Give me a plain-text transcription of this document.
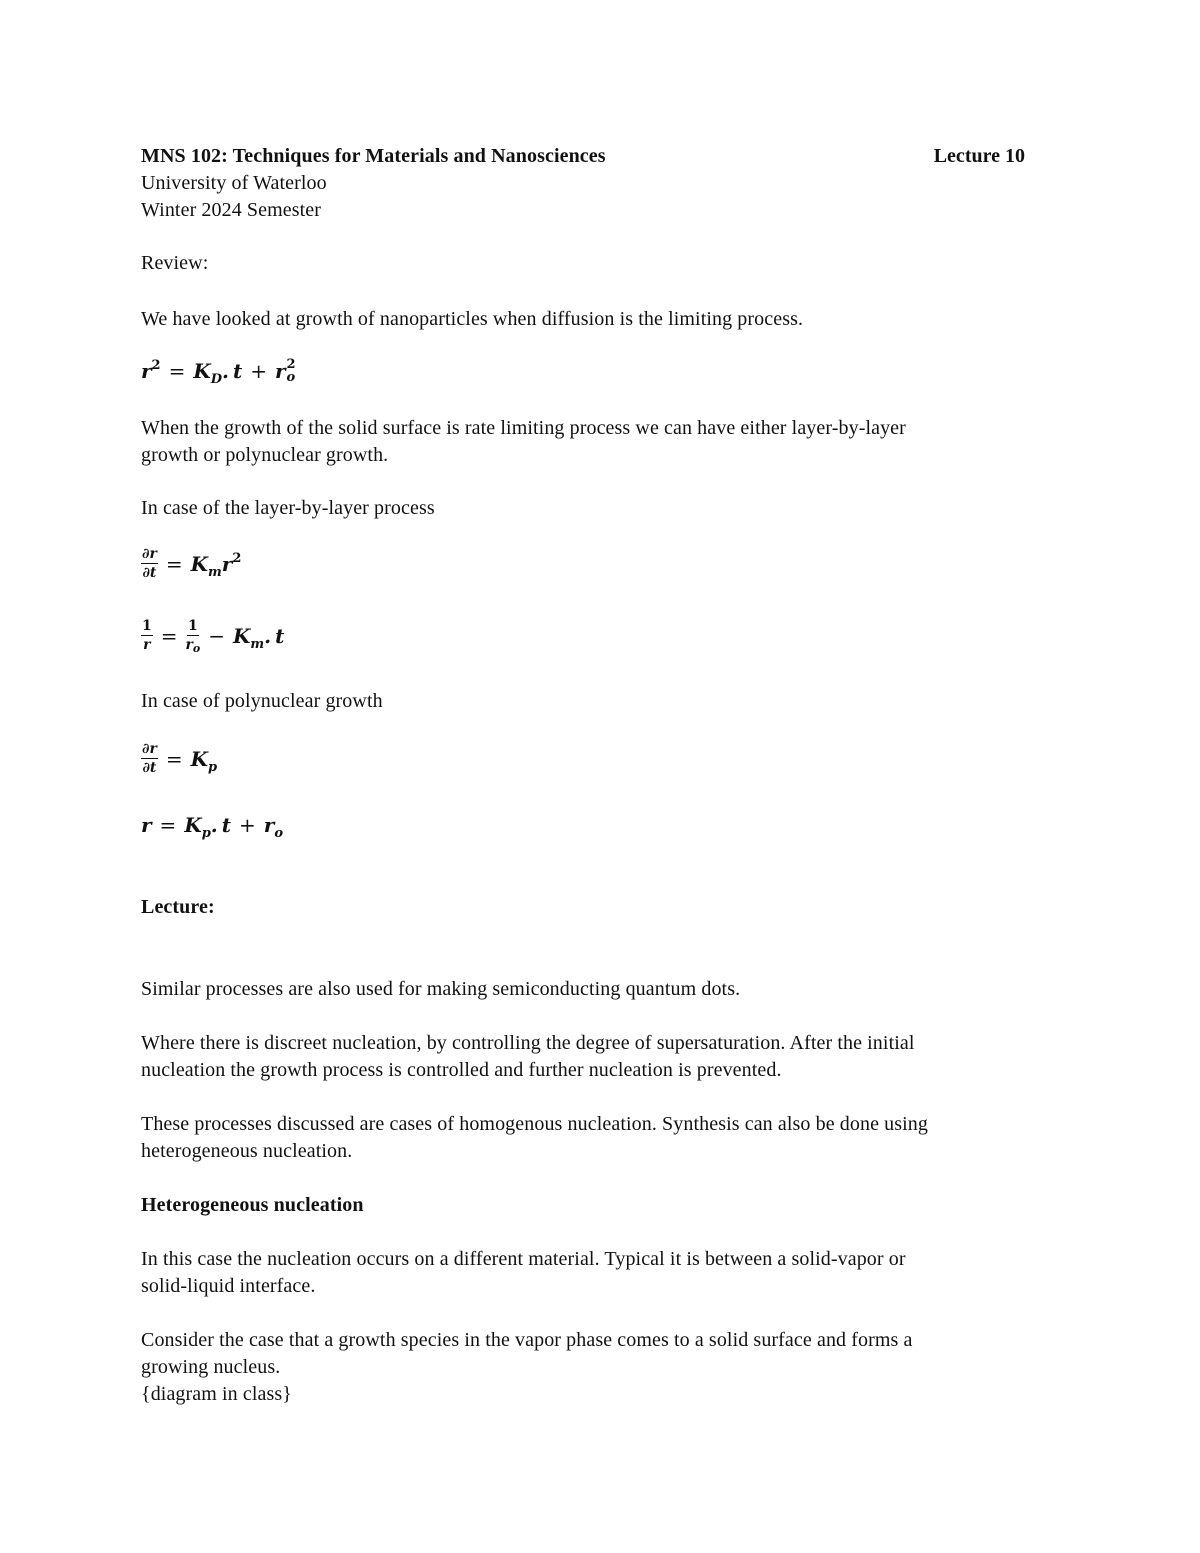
MNS 102: Techniques for Materials and Nanosciences	Lecture 10

University of Waterloo

Winter 2024 Semester

Review:

We have looked at growth of nanoparticles when diffusion is the limiting process.

$r^2 = K_D$. t + r 2
o

When the growth of the solid surface is rate limiting process we can have either layer-by-layer

growth or polynuclear growth.

In case of the layer-by-layer process

$\frac{\partial r}{\partial t} = K_mr^2$
$\frac{1}{r} = \frac{1}{r_o} - K_m$. t

In case of polynuclear growth

$\frac{\partial r}{\partial t} = K_p$
$r = K_p$. $t + r_o$

Lecture:

Similar processes are also used for making semiconducting quantum dots.

Where there is discreet nucleation, by controlling the degree of supersaturation. After the initial

nucleation the growth process is controlled and further nucleation is prevented.

These processes discussed are cases of homogenous nucleation. Synthesis can also be done using

heterogeneous nucleation.

Heterogeneous nucleation

In this case the nucleation occurs on a different material. Typical it is between a solid-vapor or

solid-liquid interface.

Consider the case that a growth species in the vapor phase comes to a solid surface and forms a

growing nucleus.

{diagram in class}
